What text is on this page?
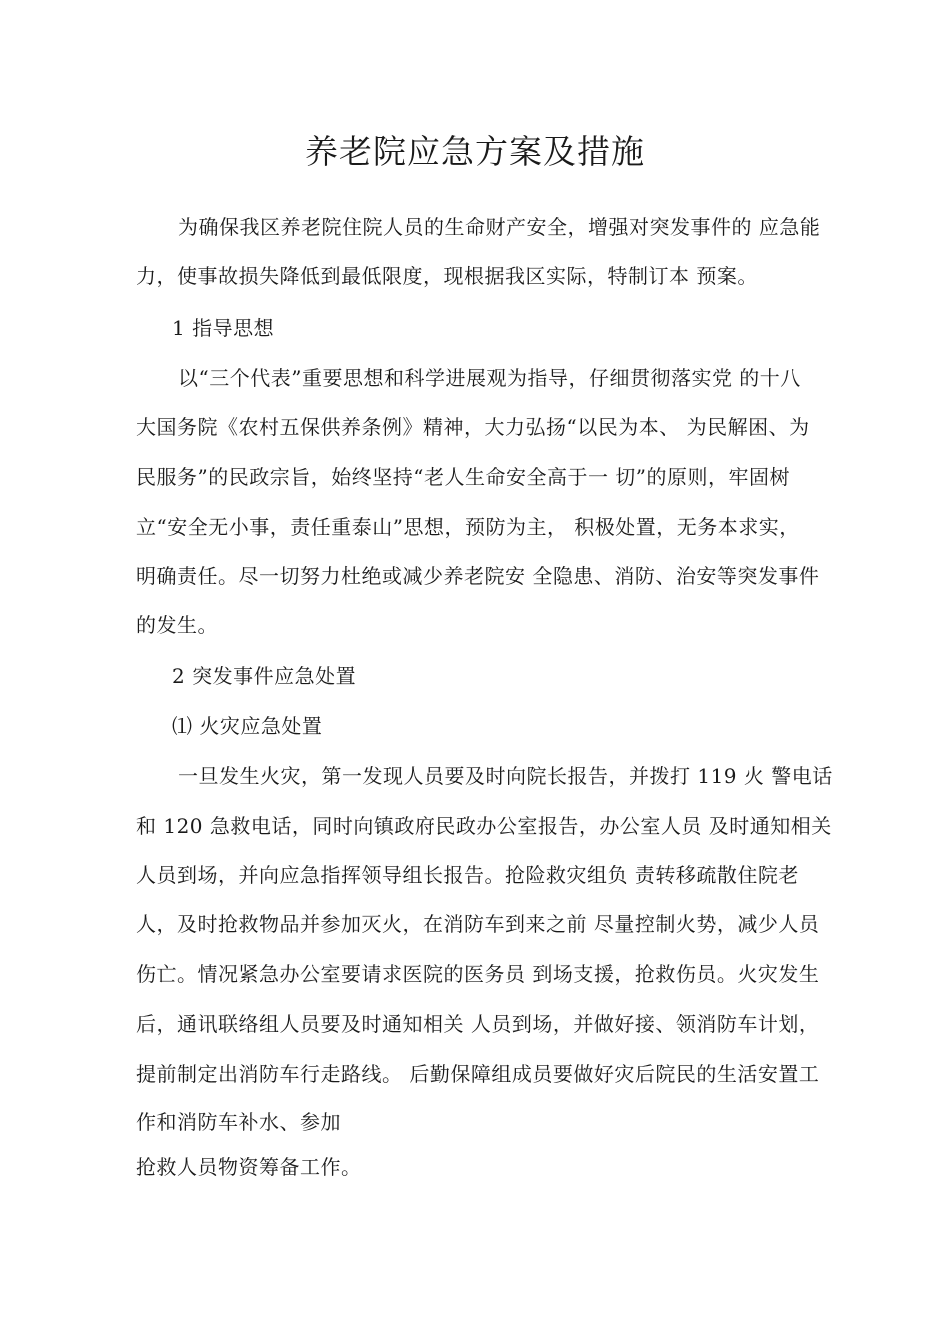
养老院应急方案及措施
为确保我区养老院住院人员的生命财产安全，增强对突发事件的 应急能
力，使事故损失降低到最低限度，现根据我区实际，特制订本 预案。
1 指导思想
以“三个代表”重要思想和科学进展观为指导，仔细贯彻落实党 的十八
大国务院《农村五保供养条例》精神，大力弘扬“以民为本、 为民解困、为
民服务”的民政宗旨，始终坚持“老人生命安全高于一 切”的原则，牢固树
立“安全无小事，责任重泰山”思想，预防为主， 积极处置，无务本求实，
明确责任。尽一切努力杜绝或减少养老院安 全隐患、消防、治安等突发事件
的发生。
2 突发事件应急处置
⑴ 火灾应急处置
一旦发生火灾，第一发现人员要及时向院长报告，并拨打 119 火 警电话
和 120 急救电话，同时向镇政府民政办公室报告，办公室人员 及时通知相关
人员到场，并向应急指挥领导组长报告。抢险救灾组负 责转移疏散住院老
人，及时抢救物品并参加灭火，在消防车到来之前 尽量控制火势，减少人员
伤亡。情况紧急办公室要请求医院的医务员 到场支援，抢救伤员。火灾发生
后，通讯联络组人员要及时通知相关 人员到场，并做好接、领消防车计划，
提前制定出消防车行走路线。 后勤保障组成员要做好灾后院民的生活安置工
作和消防车补水、参加
抢救人员物资筹备工作。
